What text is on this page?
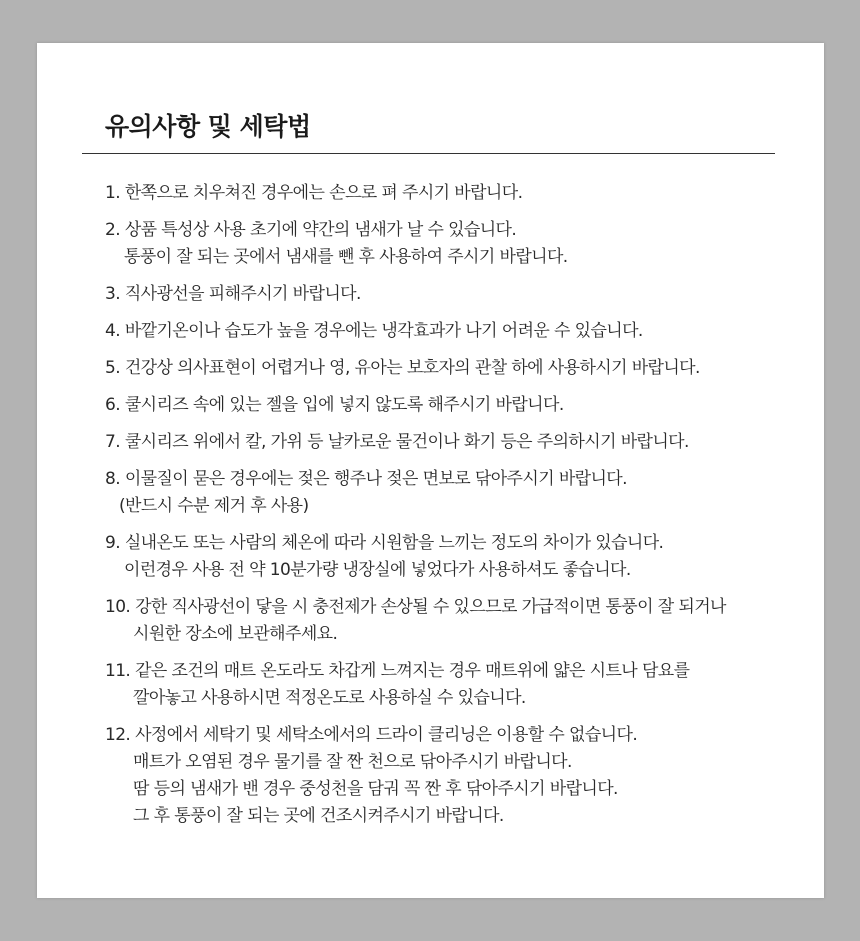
유의사항 및 세탁법
1. 한쪽으로 치우쳐진 경우에는 손으로 펴 주시기 바랍니다.
2. 상품 특성상 사용 초기에 약간의 냄새가 날 수 있습니다.
통풍이 잘 되는 곳에서 냄새를 뺀 후 사용하여 주시기 바랍니다.
3. 직사광선을 피해주시기 바랍니다.
4. 바깥기온이나 습도가 높을 경우에는 냉각효과가 나기 어려운 수 있습니다.
5. 건강상 의사표현이 어렵거나 영, 유아는 보호자의 관찰 하에 사용하시기 바랍니다.
6. 쿨시리즈 속에 있는 젤을 입에 넣지 않도록 해주시기 바랍니다.
7. 쿨시리즈 위에서 칼, 가위 등 날카로운 물건이나 화기 등은 주의하시기 바랍니다.
8. 이물질이 묻은 경우에는 젖은 행주나 젖은 면보로 닦아주시기 바랍니다.
(반드시 수분 제거 후 사용)
9. 실내온도 또는 사람의 체온에 따라 시원함을 느끼는 정도의 차이가 있습니다.
이런경우 사용 전 약 10분가량 냉장실에 넣었다가 사용하셔도 좋습니다.
10. 강한 직사광선이 닿을 시 충전제가 손상될 수 있으므로 가급적이면 통풍이 잘 되거나
시원한 장소에 보관해주세요.
11. 같은 조건의 매트 온도라도 차갑게 느껴지는 경우 매트위에 얇은 시트나 담요를
깔아놓고 사용하시면 적정온도로 사용하실 수 있습니다.
12. 사정에서 세탁기 및 세탁소에서의 드라이 클리닝은 이용할 수 없습니다.
매트가 오염된 경우 물기를 잘 짠 천으로 닦아주시기 바랍니다.
땀 등의 냄새가 밴 경우 중성천을 담궈 꼭 짠 후 닦아주시기 바랍니다.
그 후 통풍이 잘 되는 곳에 건조시켜주시기 바랍니다.
